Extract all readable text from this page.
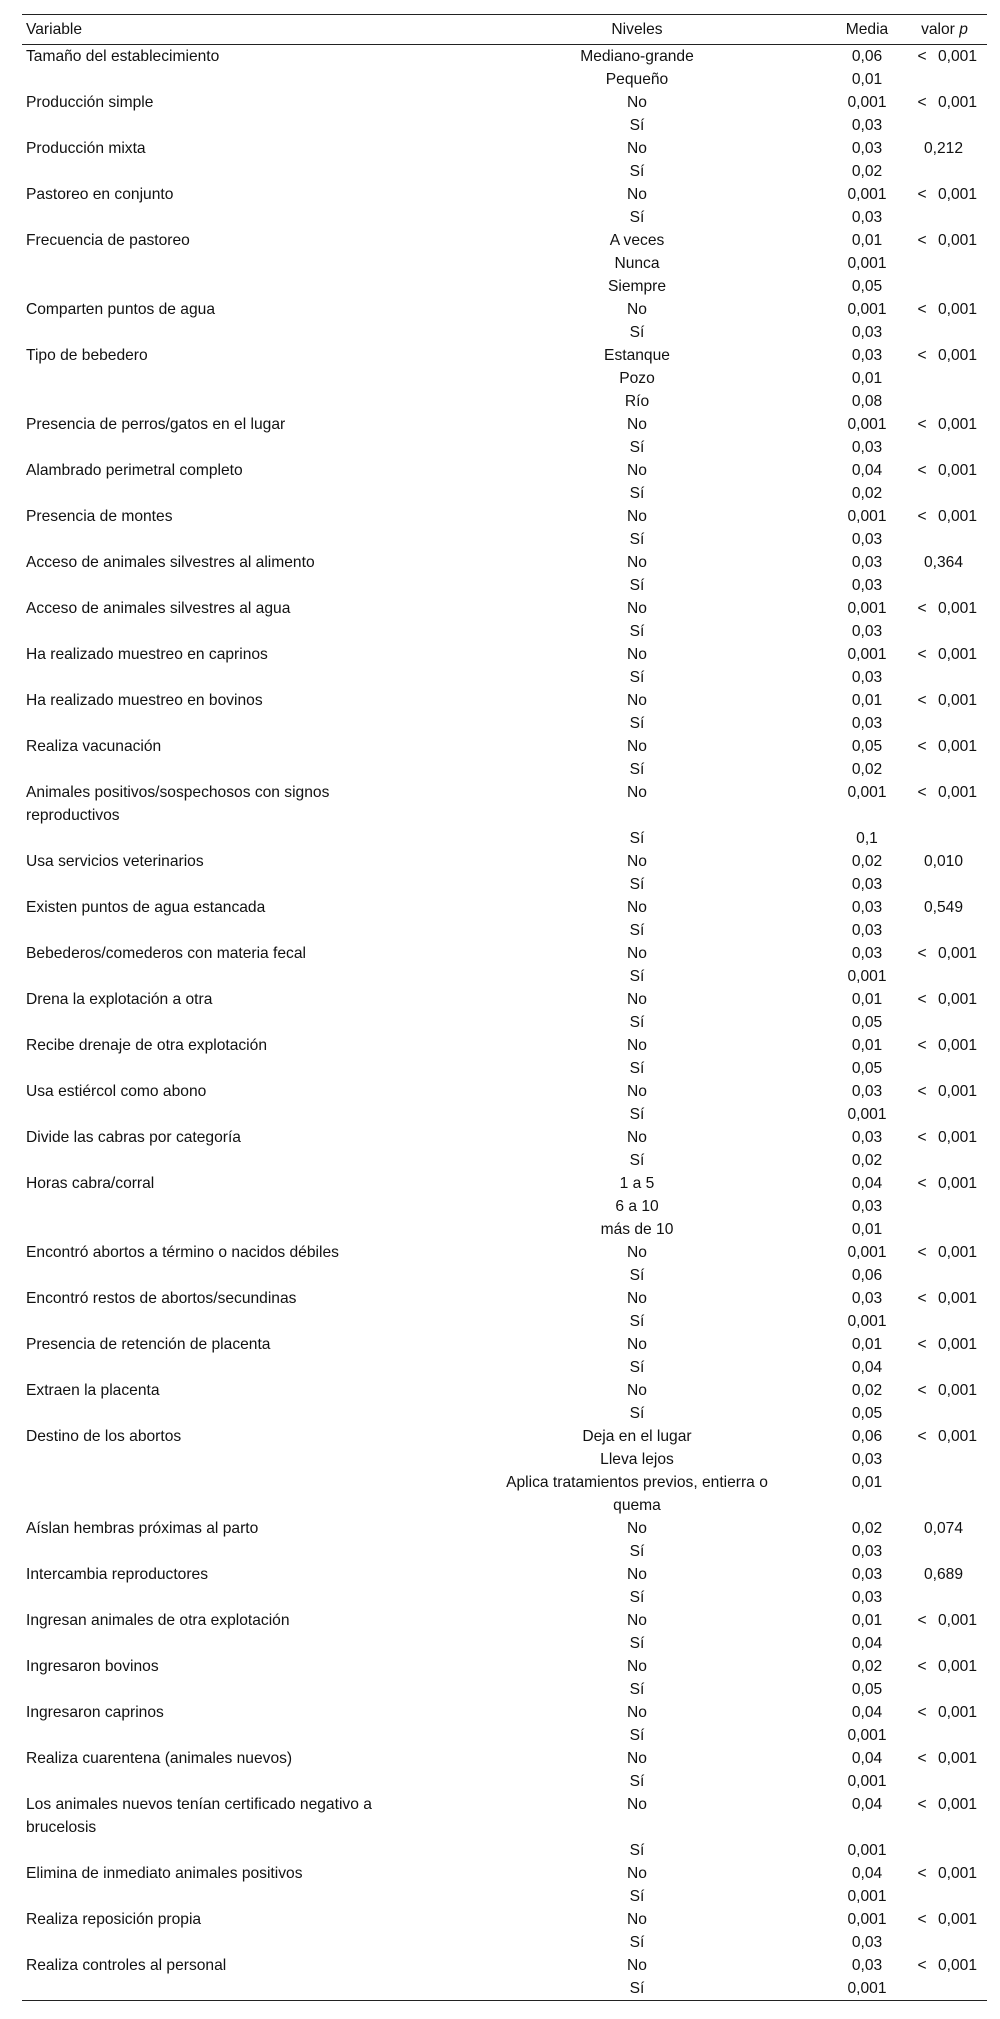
Variable	Niveles	Media	valor p
Tamaño del establecimiento	Mediano-grande	0,06	< 0,001
	Pequeño	0,01	
Producción simple	No	0,001	< 0,001
	Sí	0,03	
Producción mixta	No	0,03	0,212
	Sí	0,02	
Pastoreo en conjunto	No	0,001	< 0,001
	Sí	0,03	
Frecuencia de pastoreo	A veces	0,01	< 0,001
	Nunca	0,001	
	Siempre	0,05	
Comparten puntos de agua	No	0,001	< 0,001
	Sí	0,03	
Tipo de bebedero	Estanque	0,03	< 0,001
	Pozo	0,01	
	Río	0,08	
Presencia de perros/gatos en el lugar	No	0,001	< 0,001
	Sí	0,03	
Alambrado perimetral completo	No	0,04	< 0,001
	Sí	0,02	
Presencia de montes	No	0,001	< 0,001
	Sí	0,03	
Acceso de animales silvestres al alimento	No	0,03	0,364
	Sí	0,03	
Acceso de animales silvestres al agua	No	0,001	< 0,001
	Sí	0,03	
Ha realizado muestreo en caprinos	No	0,001	< 0,001
	Sí	0,03	
Ha realizado muestreo en bovinos	No	0,01	< 0,001
	Sí	0,03	
Realiza vacunación	No	0,05	< 0,001
	Sí	0,02	
Animales positivos/sospechosos con signos reproductivos	No	0,001	< 0,001
	Sí	0,1	
Usa servicios veterinarios	No	0,02	0,010
	Sí	0,03	
Existen puntos de agua estancada	No	0,03	0,549
	Sí	0,03	
Bebederos/comederos con materia fecal	No	0,03	< 0,001
	Sí	0,001	
Drena la explotación a otra	No	0,01	< 0,001
	Sí	0,05	
Recibe drenaje de otra explotación	No	0,01	< 0,001
	Sí	0,05	
Usa estiércol como abono	No	0,03	< 0,001
	Sí	0,001	
Divide las cabras por categoría	No	0,03	< 0,001
	Sí	0,02	
Horas cabra/corral	1 a 5	0,04	< 0,001
	6 a 10	0,03	
	más de 10	0,01	
Encontró abortos a término o nacidos débiles	No	0,001	< 0,001
	Sí	0,06	
Encontró restos de abortos/secundinas	No	0,03	< 0,001
	Sí	0,001	
Presencia de retención de placenta	No	0,01	< 0,001
	Sí	0,04	
Extraen la placenta	No	0,02	< 0,001
	Sí	0,05	
Destino de los abortos	Deja en el lugar	0,06	< 0,001
	Lleva lejos	0,03	
	Aplica tratamientos previos, entierra o quema	0,01	
Aíslan hembras próximas al parto	No	0,02	0,074
	Sí	0,03	
Intercambia reproductores	No	0,03	0,689
	Sí	0,03	
Ingresan animales de otra explotación	No	0,01	< 0,001
	Sí	0,04	
Ingresaron bovinos	No	0,02	< 0,001
	Sí	0,05	
Ingresaron caprinos	No	0,04	< 0,001
	Sí	0,001	
Realiza cuarentena (animales nuevos)	No	0,04	< 0,001
	Sí	0,001	
Los animales nuevos tenían certificado negativo a brucelosis	No	0,04	< 0,001
	Sí	0,001	
Elimina de inmediato animales positivos	No	0,04	< 0,001
	Sí	0,001	
Realiza reposición propia	No	0,001	< 0,001
	Sí	0,03	
Realiza controles al personal	No	0,03	< 0,001
	Sí	0,001	
